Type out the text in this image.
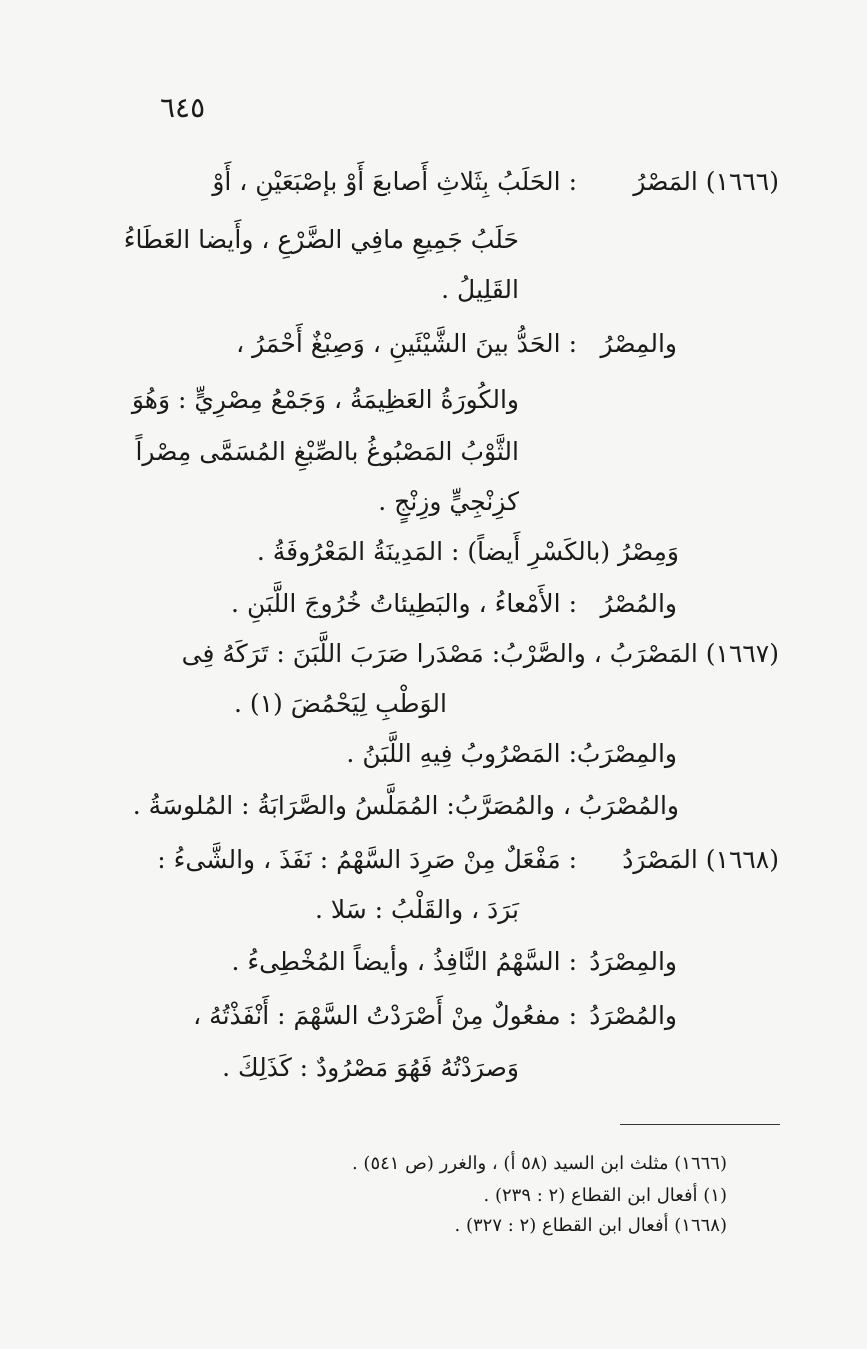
٦٤٥
(١٦٦٦) المَصْرُ
: الحَلَبُ بِثَلاثِ أَصابعَ أَوْ بإصْبَعَيْنِ ، أَوْ
حَلَبُ جَمِيعِ مافِي الضَّرْعِ ، وأَيضا العَطَاءُ
القَلِيلُ .
والمِصْرُ
: الحَدُّ بينَ الشَّيْئَينِ ، وَصِبْغٌ أَحْمَرُ ،
والكُورَةُ العَظِيمَةُ ، وَجَمْعُ مِصْرِيٍّ : وَهُوَ
الثَّوْبُ المَصْبُوغُ بالصِّبْغِ المُسَمَّى مِصْراً
كزِنْجِيٍّ وزِنْجٍ .
وَمِصْرُ (بالكَسْرِ أَيضاً) : المَدِينَةُ المَعْرُوفَةُ .
والمُصْرُ
: الأَمْعاءُ ، والبَطِيئاتُ خُرُوجَ اللَّبَنِ .
(١٦٦٧) المَصْرَبُ ، والصَّرْبُ: مَصْدَرا صَرَبَ اللَّبَنَ : تَرَكَهُ فِى
الوَطْبِ لِيَحْمُضَ (١) .
والمِصْرَبُ
: المَصْرُوبُ فِيهِ اللَّبَنُ .
والمُصْرَبُ ، والمُصَرَّبُ: المُمَلَّسُ والصَّرَابَةُ : المُلوسَةُ .
(١٦٦٨) المَصْرَدُ
: مَفْعَلٌ مِنْ صَرِدَ السَّهْمُ : نَفَذَ ، والشَّىءُ :
بَرَدَ ، والقَلْبُ : سَلا .
والمِصْرَدُ
: السَّهْمُ النَّافِذُ ، وأيضاً المُخْطِىءُ .
والمُصْرَدُ
: مفعُولٌ مِنْ أَصْرَدْتُ السَّهْمَ : أَنْفَذْتُهُ ،
وَصرَدْتُهُ فَهُوَ مَصْرُودٌ : كَذَلِكَ .
(١٦٦٦) مثلث ابن السيد (٥٨ أ) ، والغرر (ص ٥٤١) .
(١) أفعال ابن القطاع (٢ : ٢٣٩) .
(١٦٦٨) أفعال ابن القطاع (٢ : ٣٢٧) .
